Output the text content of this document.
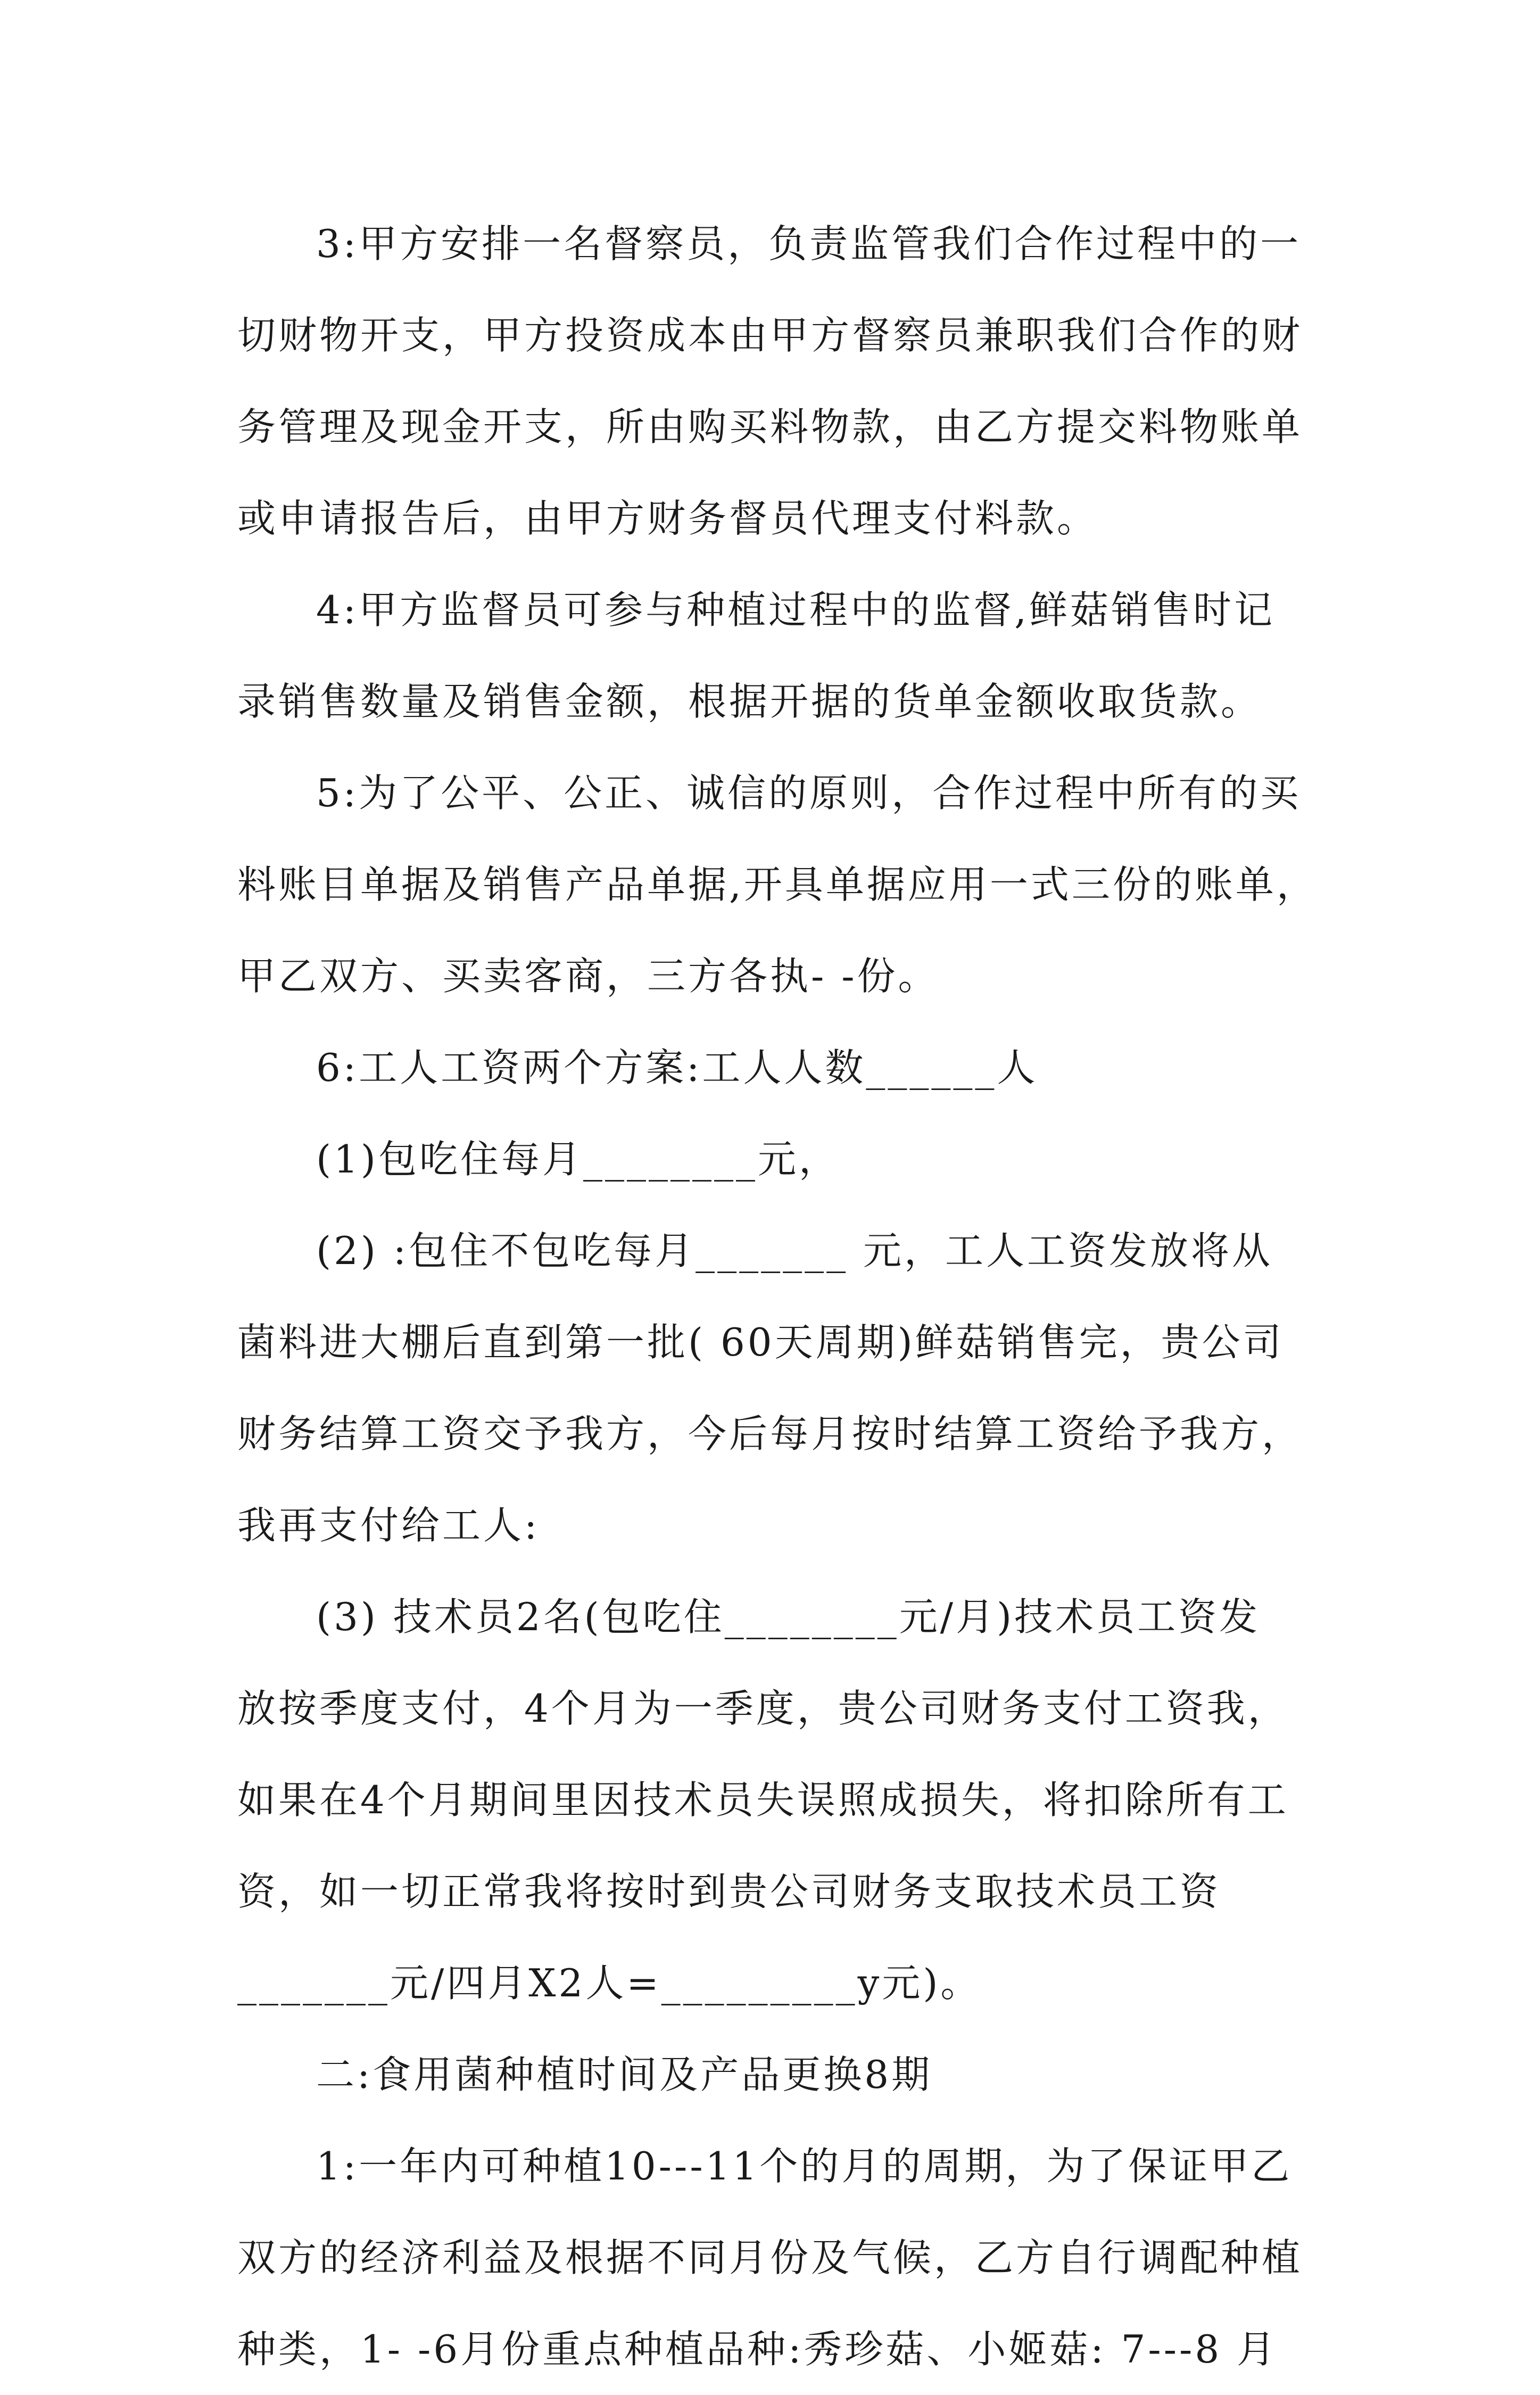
3:甲方安排一名督察员，负责监管我们合作过程中的一
切财物开支，甲方投资成本由甲方督察员兼职我们合作的财
务管理及现金开支，所由购买料物款，由乙方提交料物账单
或申请报告后，由甲方财务督员代理支付料款。
4:甲方监督员可参与种植过程中的监督,鲜菇销售时记
录销售数量及销售金额，根据开据的货单金额收取货款。
5:为了公平、公正、诚信的原则，合作过程中所有的买
料账目单据及销售产品单据,开具单据应用一式三份的账单，
甲乙双方、买卖客商，三方各执- -份。
6:工人工资两个方案:工人人数______人
(1)包吃住每月________元，
(2) :包住不包吃每月_______ 元，工人工资发放将从
菌料进大棚后直到第一批( 60天周期)鲜菇销售完，贵公司
财务结算工资交予我方，今后每月按时结算工资给予我方，
我再支付给工人:
(3) 技术员2名(包吃住________元/月)技术员工资发
放按季度支付，4个月为一季度，贵公司财务支付工资我，
如果在4个月期间里因技术员失误照成损失，将扣除所有工
资，如一切正常我将按时到贵公司财务支取技术员工资
_______元/四月X2人=_________y元)。
二:食用菌种植时间及产品更换8期
1:一年内可种植10---11个的月的周期，为了保证甲乙
双方的经济利益及根据不同月份及气候，乙方自行调配种植
种类，1- -6月份重点种植品种:秀珍菇、小姬菇: 7---8 月
